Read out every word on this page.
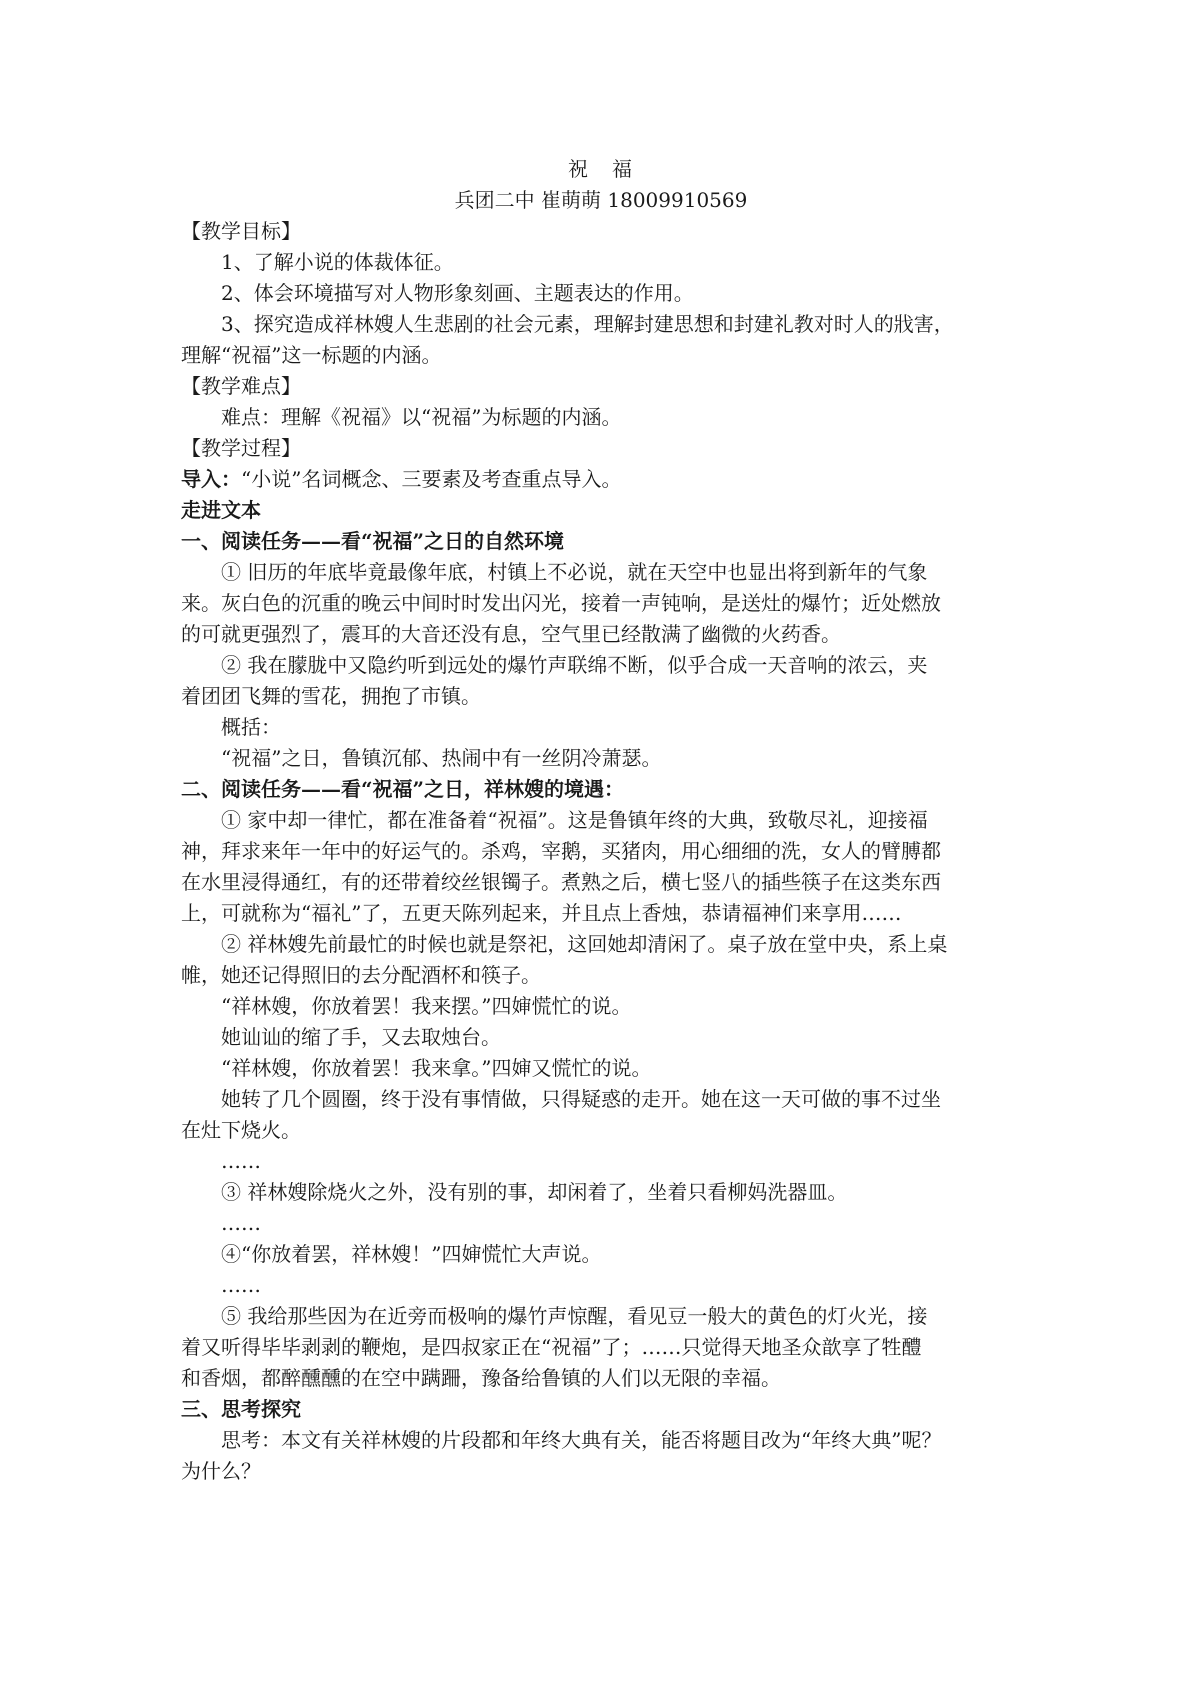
祝　福
兵团二中 崔萌萌 18009910569
【教学目标】
1、了解小说的体裁体征。
2、体会环境描写对人物形象刻画、主题表达的作用。
3、探究造成祥林嫂人生悲剧的社会元素，理解封建思想和封建礼教对时人的戕害，
理解“祝福”这一标题的内涵。
【教学难点】
难点：理解《祝福》以“祝福”为标题的内涵。
【教学过程】
导入：“小说”名词概念、三要素及考查重点导入。
走进文本
一、阅读任务——看“祝福”之日的自然环境
① 旧历的年底毕竟最像年底，村镇上不必说，就在天空中也显出将到新年的气象
来。灰白色的沉重的晚云中间时时发出闪光，接着一声钝响，是送灶的爆竹；近处燃放
的可就更强烈了，震耳的大音还没有息，空气里已经散满了幽微的火药香。
② 我在朦胧中又隐约听到远处的爆竹声联绵不断，似乎合成一天音响的浓云，夹
着团团飞舞的雪花，拥抱了市镇。
概括：
“祝福”之日，鲁镇沉郁、热闹中有一丝阴冷萧瑟。
二、阅读任务——看“祝福”之日，祥林嫂的境遇：
① 家中却一律忙，都在准备着“祝福”。这是鲁镇年终的大典，致敬尽礼，迎接福
神，拜求来年一年中的好运气的。杀鸡，宰鹅，买猪肉，用心细细的洗，女人的臂膊都
在水里浸得通红，有的还带着绞丝银镯子。煮熟之后，横七竖八的插些筷子在这类东西
上，可就称为“福礼”了，五更天陈列起来，并且点上香烛，恭请福神们来享用……
② 祥林嫂先前最忙的时候也就是祭祀，这回她却清闲了。桌子放在堂中央，系上桌
帷，她还记得照旧的去分配酒杯和筷子。
“祥林嫂，你放着罢！我来摆。”四婶慌忙的说。
她讪讪的缩了手，又去取烛台。
“祥林嫂，你放着罢！我来拿。”四婶又慌忙的说。
她转了几个圆圈，终于没有事情做，只得疑惑的走开。她在这一天可做的事不过坐
在灶下烧火。
……
③ 祥林嫂除烧火之外，没有别的事，却闲着了，坐着只看柳妈洗器皿。
……
④“你放着罢，祥林嫂！”四婶慌忙大声说。
……
⑤ 我给那些因为在近旁而极响的爆竹声惊醒，看见豆一般大的黄色的灯火光，接
着又听得毕毕剥剥的鞭炮，是四叔家正在“祝福”了；……只觉得天地圣众歆享了牲醴
和香烟，都醉醺醺的在空中蹒跚，豫备给鲁镇的人们以无限的幸福。
三、思考探究
思考：本文有关祥林嫂的片段都和年终大典有关，能否将题目改为“年终大典”呢？
为什么？
